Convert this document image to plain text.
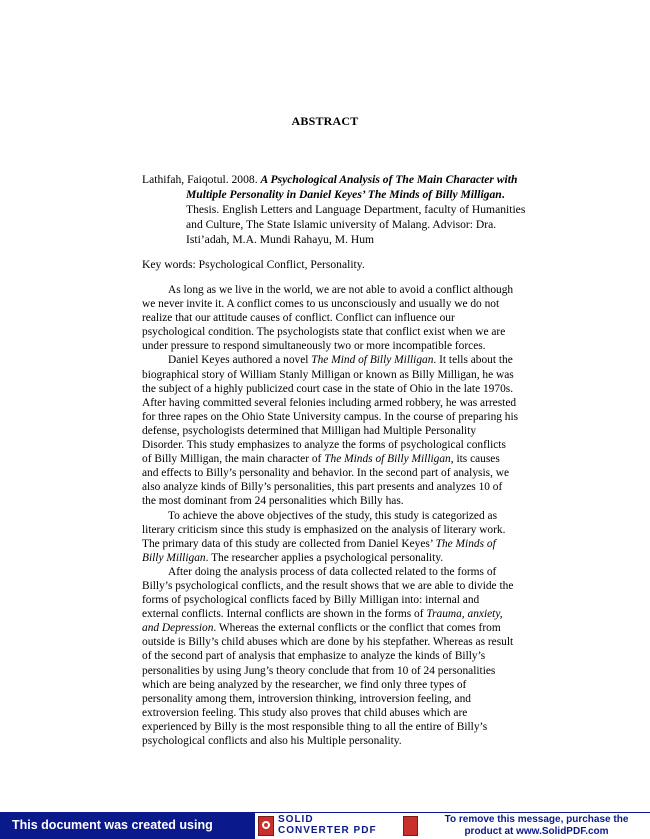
ABSTRACT
Lathifah, Faiqotul. 2008. A Psychological Analysis of The Main Character with
Multiple Personality in Daniel Keyes’ The Minds of Billy Milligan.
Thesis. English Letters and Language Department, faculty of Humanities
and Culture, The State Islamic university of Malang. Advisor: Dra.
Isti’adah, M.A. Mundi Rahayu, M. Hum
Key words: Psychological Conflict, Personality.
As long as we live in the world, we are not able to avoid a conflict although
we never invite it. A conflict comes to us unconsciously and usually we do not
realize that our attitude causes of conflict. Conflict can influence our
psychological condition. The psychologists state that conflict exist when we are
under pressure to respond simultaneously two or more incompatible forces.
Daniel Keyes authored a novel The Mind of Billy Milligan. It tells about the
biographical story of William Stanly Milligan or known as Billy Milligan, he was
the subject of a highly publicized court case in the state of Ohio in the late 1970s.
After having committed several felonies including armed robbery, he was arrested
for three rapes on the Ohio State University campus. In the course of preparing his
defense, psychologists determined that Milligan had Multiple Personality
Disorder. This study emphasizes to analyze the forms of psychological conflicts
of Billy Milligan, the main character of The Minds of Billy Milligan, its causes
and effects to Billy’s personality and behavior. In the second part of analysis, we
also analyze kinds of Billy’s personalities, this part presents and analyzes 10 of
the most dominant from 24 personalities which Billy has.
To achieve the above objectives of the study, this study is categorized as
literary criticism since this study is emphasized on the analysis of literary work.
The primary data of this study are collected from Daniel Keyes’ The Minds of
Billy Milligan. The researcher applies a psychological personality.
After doing the analysis process of data collected related to the forms of
Billy’s psychological conflicts, and the result shows that we are able to divide the
forms of psychological conflicts faced by Billy Milligan into: internal and
external conflicts. Internal conflicts are shown in the forms of Trauma, anxiety,
and Depression. Whereas the external conflicts or the conflict that comes from
outside is Billy’s child abuses which are done by his stepfather. Whereas as result
of the second part of analysis that emphasize to analyze the kinds of Billy’s
personalities by using Jung’s theory conclude that from 10 of 24 personalities
which are being analyzed by the researcher, we find only three types of
personality among them, introversion thinking, introversion feeling, and
extroversion feeling. This study also proves that child abuses which are
experienced by Billy is the most responsible thing to all the entire of Billy’s
psychological conflicts and also his Multiple personality.
This document was created using	SOLID
CONVERTER PDF
To remove this message, purchase the
product at www.SolidPDF.com
